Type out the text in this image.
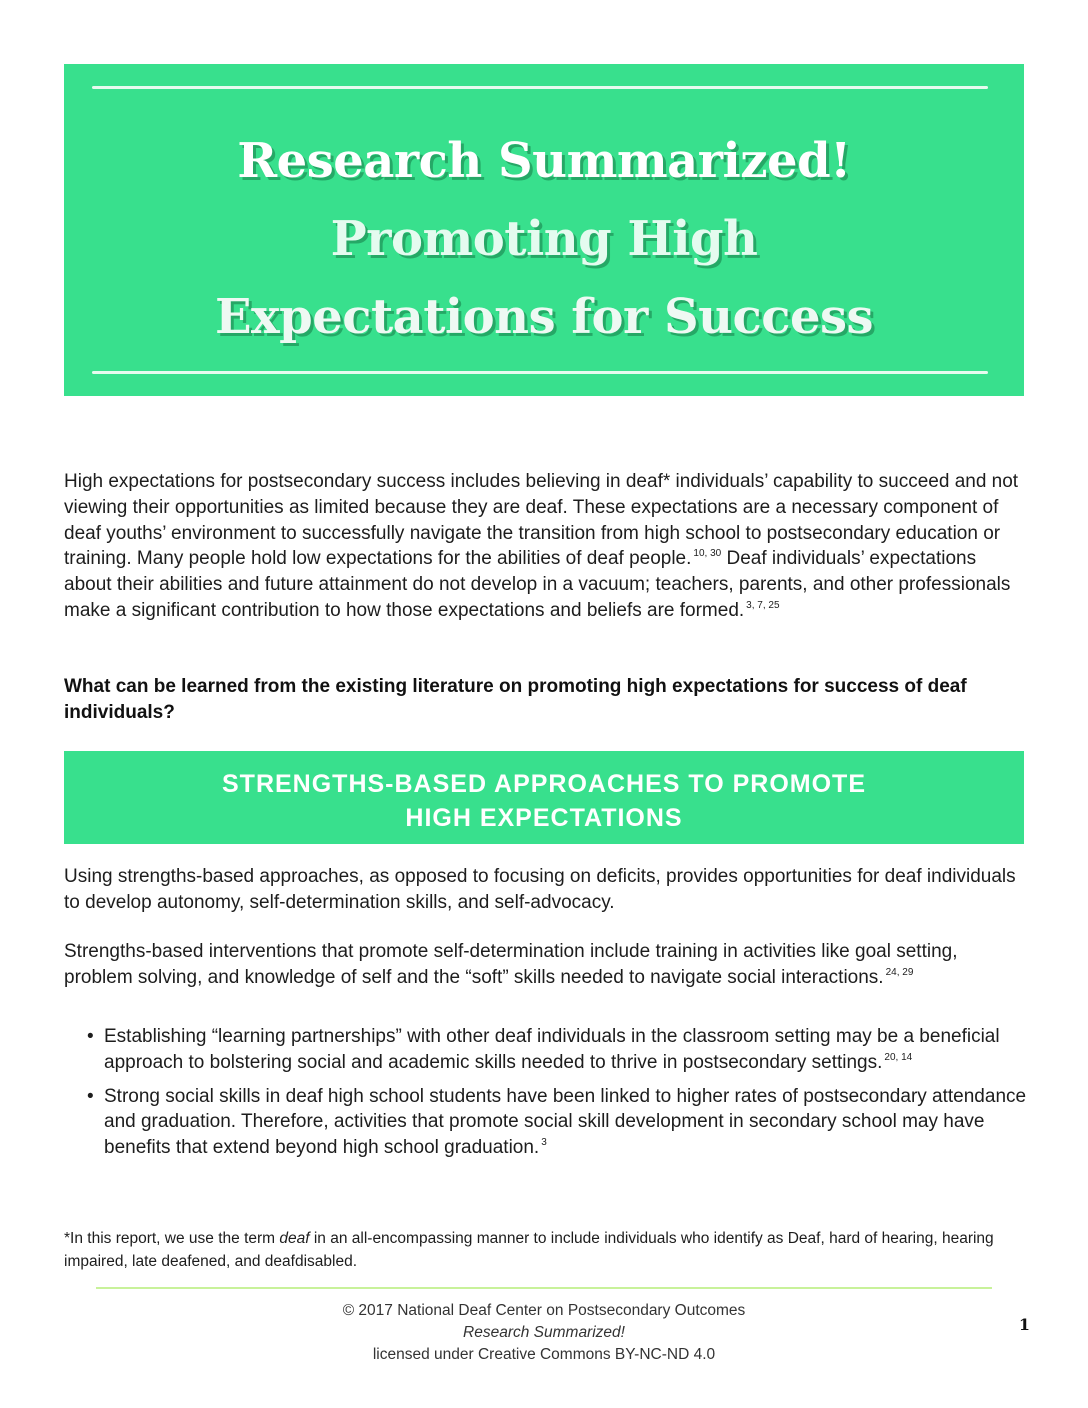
Research Summarized!
Promoting High
Expectations for Success

High expectations for postsecondary success includes believing in deaf* individuals’ capability to succeed and not viewing their opportunities as limited because they are deaf. These expectations are a necessary component of deaf youths’ environment to successfully navigate the transition from high school to postsecondary education or training. Many people hold low expectations for the abilities of deaf people. $^{10, 30}$ Deaf individuals’ expectations about their abilities and future attainment do not develop in a vacuum; teachers, parents, and other professionals make a significant contribution to how those expectations and beliefs are formed. $^{3, 7, 25}$

What can be learned from the existing literature on promoting high expectations for success of deaf individuals?

STRENGTHS-BASED APPROACHES TO PROMOTE
HIGH EXPECTATIONS

Using strengths-based approaches, as opposed to focusing on deficits, provides opportunities for deaf individuals to develop autonomy, self-determination skills, and self-advocacy.

Strengths-based interventions that promote self-determination include training in activities like goal setting, problem solving, and knowledge of self and the “soft” skills needed to navigate social interactions. $^{24, 29}$

• Establishing “learning partnerships” with other deaf individuals in the classroom setting may be a beneficial approach to bolstering social and academic skills needed to thrive in postsecondary settings. $^{20, 14}$
• Strong social skills in deaf high school students have been linked to higher rates of postsecondary attendance and graduation. Therefore, activities that promote social skill development in secondary school may have benefits that extend beyond high school graduation. $^3$

*In this report, we use the term deaf in an all-encompassing manner to include individuals who identify as Deaf, hard of hearing, hearing impaired, late deafened, and deafdisabled.

© 2017 National Deaf Center on Postsecondary Outcomes
Research Summarized!
licensed under Creative Commons BY-NC-ND 4.0

1
